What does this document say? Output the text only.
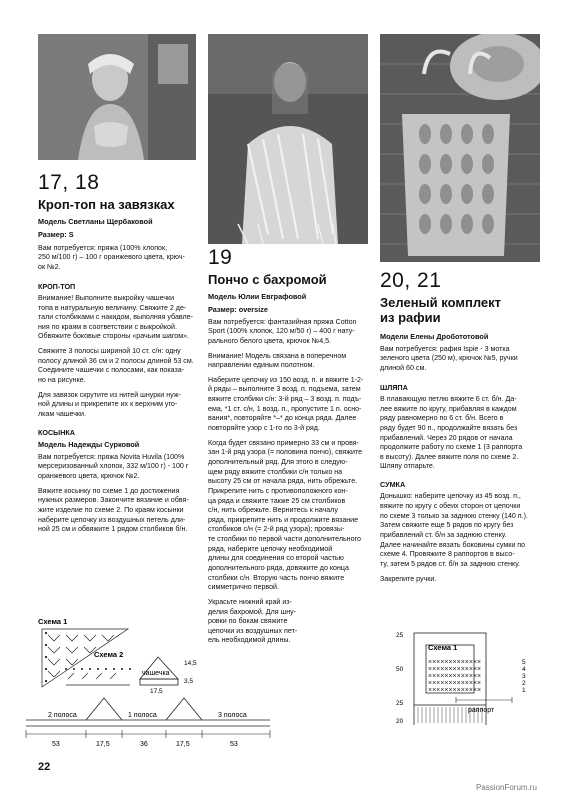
17, 18
Кроп-топ на завязках
Модель Светланы Щербаковой
Размер: S

Вам потребуется: пряжа (100% хлопок,

250 м/100 г) – 100 г оранжевого цвета, крюч-

ок №2.

КРОП-ТОП

Внимание! Выполните выкройку чашечки

топа в натуральную величину. Свяжите 2 де-

тали столбиками с накидом, выполняя убавле-

ния по краям в соответствии с выкройкой.

Обвяжите боковые стороны «рачьим шагом».

Свяжите 3 полосы шириной 10 ст. с/н: одну

полосу длиной 36 см и 2 полосы длиной 53 см.

Соедините чашечки с полосами, как показа-

но на рисунке.

Для завязок скрутите из нитей шнурки нуж-

ной длины и прикрепите их к верхним уго-

лкам чашечки.

КОСЫНКА
Модель Надежды Сурковой

Вам потребуется: пряжа Novita Huvila (100%

мерсеризованный хлопок, 332 м/100 г) - 100 г

оранжевого цвета, крючок №2.

Вяжите косынку по схеме 1 до достижения

нужных размеров. Закончите вязание и обвя-

жите изделие по схеме 2. По краям косынки

наберите цепочку из воздушных петель дли-

ной 25 см и обвяжите 1 рядом столбиков б/н.

19
Пончо с бахромой
Модель Юлии Евграфовой
Размер: oversize

Вам потребуется: фантазийная пряжа Cotton

Sport (100% хлопок, 120 м/50 г) – 400 г нату-

рального белого цвета, крючок №4,5.

Внимание! Модель связана в поперечном

направлении единым полотном.

Наберите цепочку из 150 возд. п. и вяжите 1-2-

й ряды – выполните 3 возд. п. подъема, затем

вяжите столбики с/н: 3-й ряд – 3 возд. п. подъ-

ема, *1 ст. с/н, 1 возд. п., пропустите 1 п. осно-

вания*, повторяйте *–* до конца ряда. Далее

повторяйте узор с 1-го по 3-й ряд.

Когда будет связано примерно 33 см и провя-

зан 1-й ряд узора (= половина пончо), свяжите

дополнительный ряд. Для этого в следую-

щем ряду вяжите столбики с/н только на

высоту 25 см от начала ряда, нить обрежьте.

Прикрепите нить с противоположного кон-

ца ряда и свяжите также 25 см столбиков

с/н, нить обрежьте. Вернитесь к началу

ряда, прикрепите нить и продолжите вязание

столбиков с/н (= 2-й ряд узора); провязы-

те столбики по первой части дополнительного

ряда, наберите цепочку необходимой

длины для соединения со второй частью

дополнительного ряда, довяжите до конца

столбики с/н. Вторую часть пончо вяжите

симметрично первой.

Украсьте нижний край из-

делия бахромой. Для шну-

ровки по бокам свяжите

цепочки из воздушных пет-

ель необходимой длины.

20, 21

Зеленый комплект

из рафии

Модели Елены Дробототовой

Вам потребуется: рафия Ispie - 3 мотка

зеленого цвета (250 м), крючок №5, ручки

длиной 60 см.

ШЛЯПА

В плавающую петлю вяжите 6 ст. б/н. Да-

лее вяжите по кругу, прибавляя в каждом

ряду равномерно по 6 ст. б/н. Всего в

ряду будет 90 п., продолжайте вязать без

прибавлений. Через 20 рядов от начала

продолжите работу по схеме 1 (3 раппорта

в высоту). Далее вяжите поля по схеме 2.

Шляпу отпарьте.

СУМКА

Донышко: наберите цепочку из 45 возд. п.,

вяжите по кругу с обеих сторон от цепочки

по схеме 3 только за заднюю стенку (140 п.).

Затем свяжите еще 5 рядов по кругу без

прибавлений ст. б/н за заднюю стенку.

Далее начинайте вязать боковины сумки по

схеме 4. Провяжите 8 раппортов в высо-

ту, затем 5 рядов ст. б/н за заднюю стенку.

Закрепите ручки.

Схема 1
чашечка
14,5
3,5
17,5
Схема 2
2 полоса	1 полоса	3 полоса
53	17,5	36	17,5	53
25
50
25
20
Схема 1
×××××××××××××
×××××××××××××
×××××××××××××
×××××××××××××
×××××××××××××
5
4
3
2
1
раппорт
22
PassionForum.ru
